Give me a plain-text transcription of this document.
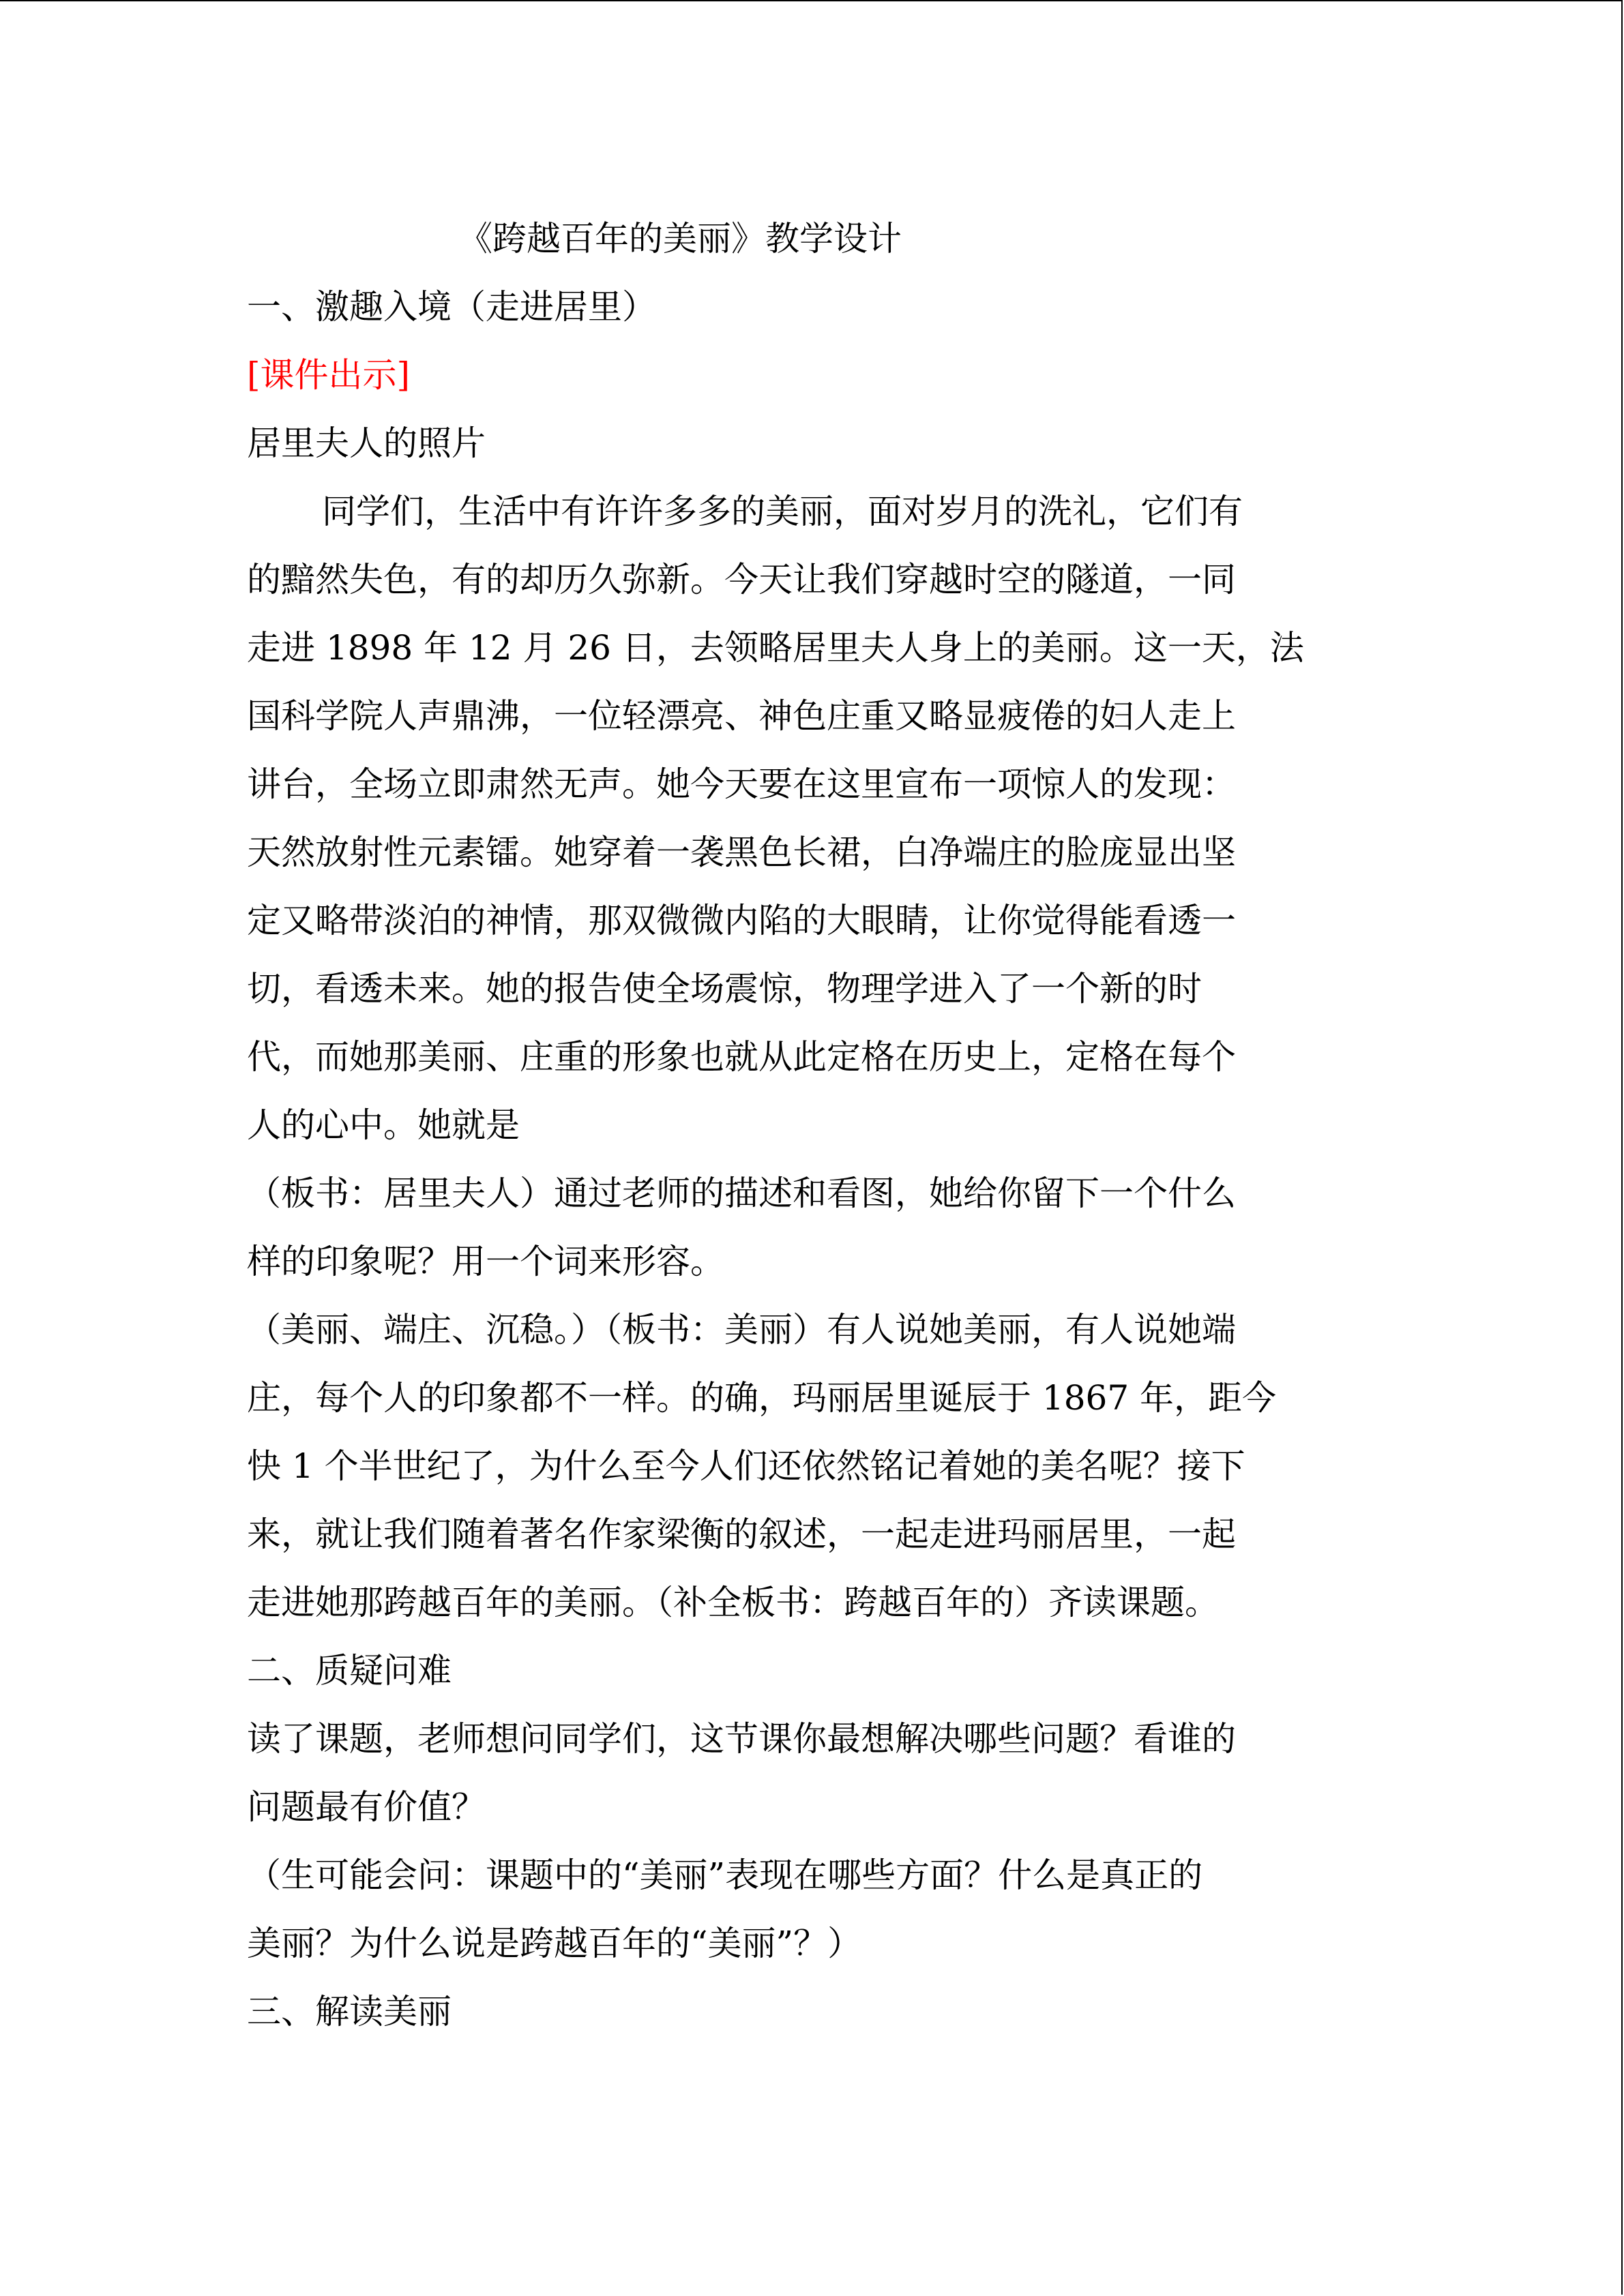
《跨越百年的美丽》教学设计
一、激趣入境（走进居里）
[课件出示]
居里夫人的照片
同学们，生活中有许许多多的美丽，面对岁月的洗礼，它们有
的黯然失色，有的却历久弥新。今天让我们穿越时空的隧道，一同
走进 1898 年 12 月 26 日，去领略居里夫人身上的美丽。这一天，法
国科学院人声鼎沸，一位轻漂亮、神色庄重又略显疲倦的妇人走上
讲台，全场立即肃然无声。她今天要在这里宣布一项惊人的发现：
天然放射性元素镭。她穿着一袭黑色长裙，白净端庄的脸庞显出坚
定又略带淡泊的神情，那双微微内陷的大眼睛，让你觉得能看透一
切，看透未来。她的报告使全场震惊，物理学进入了一个新的时
代，而她那美丽、庄重的形象也就从此定格在历史上，定格在每个
人的心中。她就是
（板书：居里夫人）通过老师的描述和看图，她给你留下一个什么
样的印象呢？用一个词来形容。
（美丽、端庄、沉稳。）（板书：美丽）有人说她美丽，有人说她端
庄，每个人的印象都不一样。的确，玛丽居里诞辰于 1867 年，距今
快 1 个半世纪了，为什么至今人们还依然铭记着她的美名呢？接下
来，就让我们随着著名作家梁衡的叙述，一起走进玛丽居里，一起
走进她那跨越百年的美丽。（补全板书：跨越百年的）齐读课题。
二、质疑问难
读了课题，老师想问同学们，这节课你最想解决哪些问题？看谁的
问题最有价值？
（生可能会问：课题中的“美丽”表现在哪些方面？什么是真正的
美丽？为什么说是跨越百年的“美丽”？）
三、解读美丽
